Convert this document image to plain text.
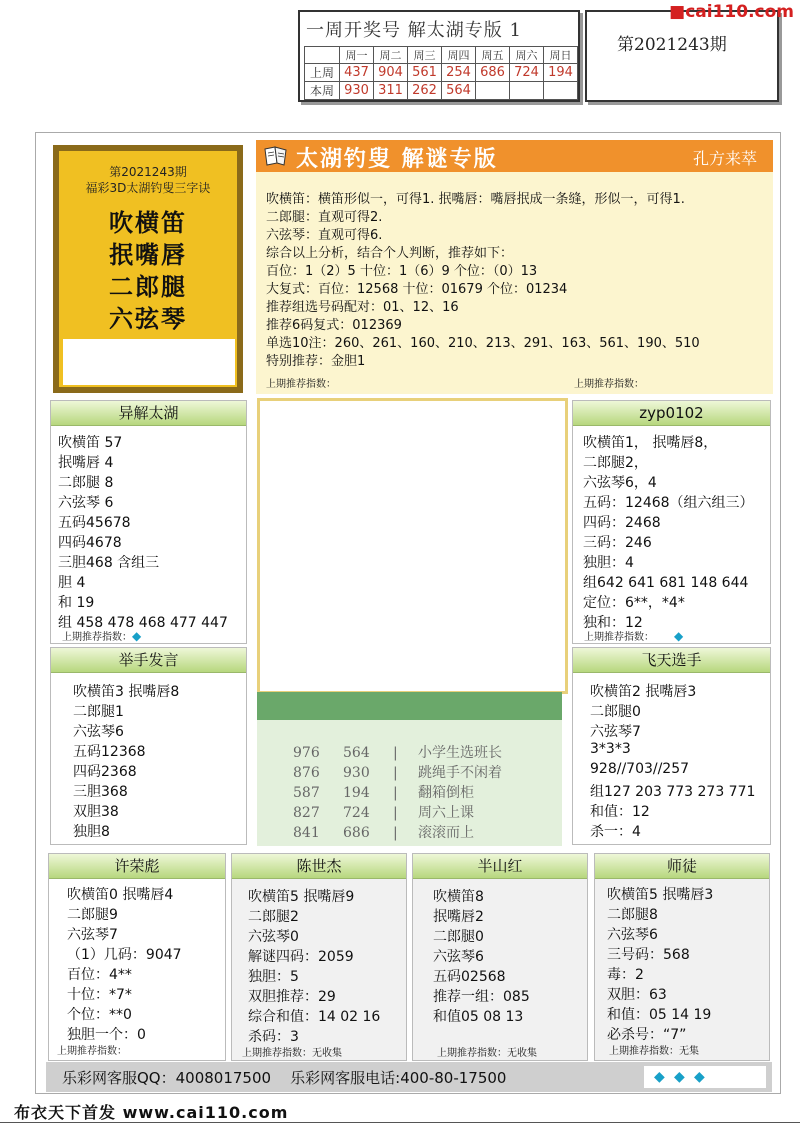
一周开奖号 解太湖专版 1
	周一	周二	周三	周四	周五	周六	周日
上周	437	904	561	254	686	724	194
本周	930	311	262	564			
第2021243期
■cai110.com
第2021243期
福彩3D太湖钓叟三字诀
吹横笛
抿嘴唇
二郎腿
六弦琴
太湖钓叟 解谜专版	孔方来萃
吹横笛：横笛形似一，可得1. 抿嘴唇：嘴唇抿成一条缝，形似一，可得1.
二郎腿：直观可得2.
六弦琴：直观可得6.
综合以上分析，结合个人判断，推荐如下：
百位：1（2）5 十位：1（6）9 个位：（0）13
大复式：百位：12568 十位：01679 个位：01234
推荐组选号码配对：01、12、16
推荐6码复式：012369
单选10注：260、261、160、210、213、291、163、561、190、510
特别推荐：金胆1
上期推荐指数：	上期推荐指数：
异解太湖
吹横笛 57
抿嘴唇 4
二郎腿 8
六弦琴 6
五码45678
四码4678
三胆468 含组三
胆 4
和 19
组 458 478 468 477 447
上期推荐指数：◆
zyp0102
吹横笛1， 抿嘴唇8，
二郎腿2，
六弦琴6，4
五码：12468（组六组三）
四码：2468
三码：246
独胆：4
组642 641 681 148 644
定位：6**，*4*
独和：12
上期推荐指数： ◆
举手发言
吹横笛3 抿嘴唇8
二郎腿1
六弦琴6
五码12368
四码2368
三胆368
双胆38
独胆8
飞天选手
吹横笛2 抿嘴唇3
二郎腿0
六弦琴7
3*3*3
928//703//257
组127 203 773 273 771
和值：12
杀一：4
976 564 | 小学生选班长
876 930 | 跳绳手不闲着
587 194 | 翻箱倒柜
827 724 | 周六上课
841 686 | 滚滚而上
许荣彪
吹横笛0 抿嘴唇4
二郎腿9
六弦琴7
（1）几码：9047
百位：4**
十位：*7*
个位：**0
独胆一个：0
上期推荐指数：
陈世杰
吹横笛5 抿嘴唇9
二郎腿2
六弦琴0
解谜四码：2059
独胆：5
双胆推荐：29
综合和值：14 02 16
杀码：3
上期推荐指数：无收集
半山红
吹横笛8
抿嘴唇2
二郎腿0
六弦琴6
五码02568
推荐一组：085
和值05 08 13
上期推荐指数：无收集
师徒
吹横笛5 抿嘴唇3
二郎腿8
六弦琴6
三号码：568
毒：2
双胆：63
和值：05 14 19
必杀号：“7”
上期推荐指数：无集
乐彩网客服QQ：4008017500 乐彩网客服电话:400-80-17500	◆ ◆ ◆
布衣天下首发 www.cai110.com
